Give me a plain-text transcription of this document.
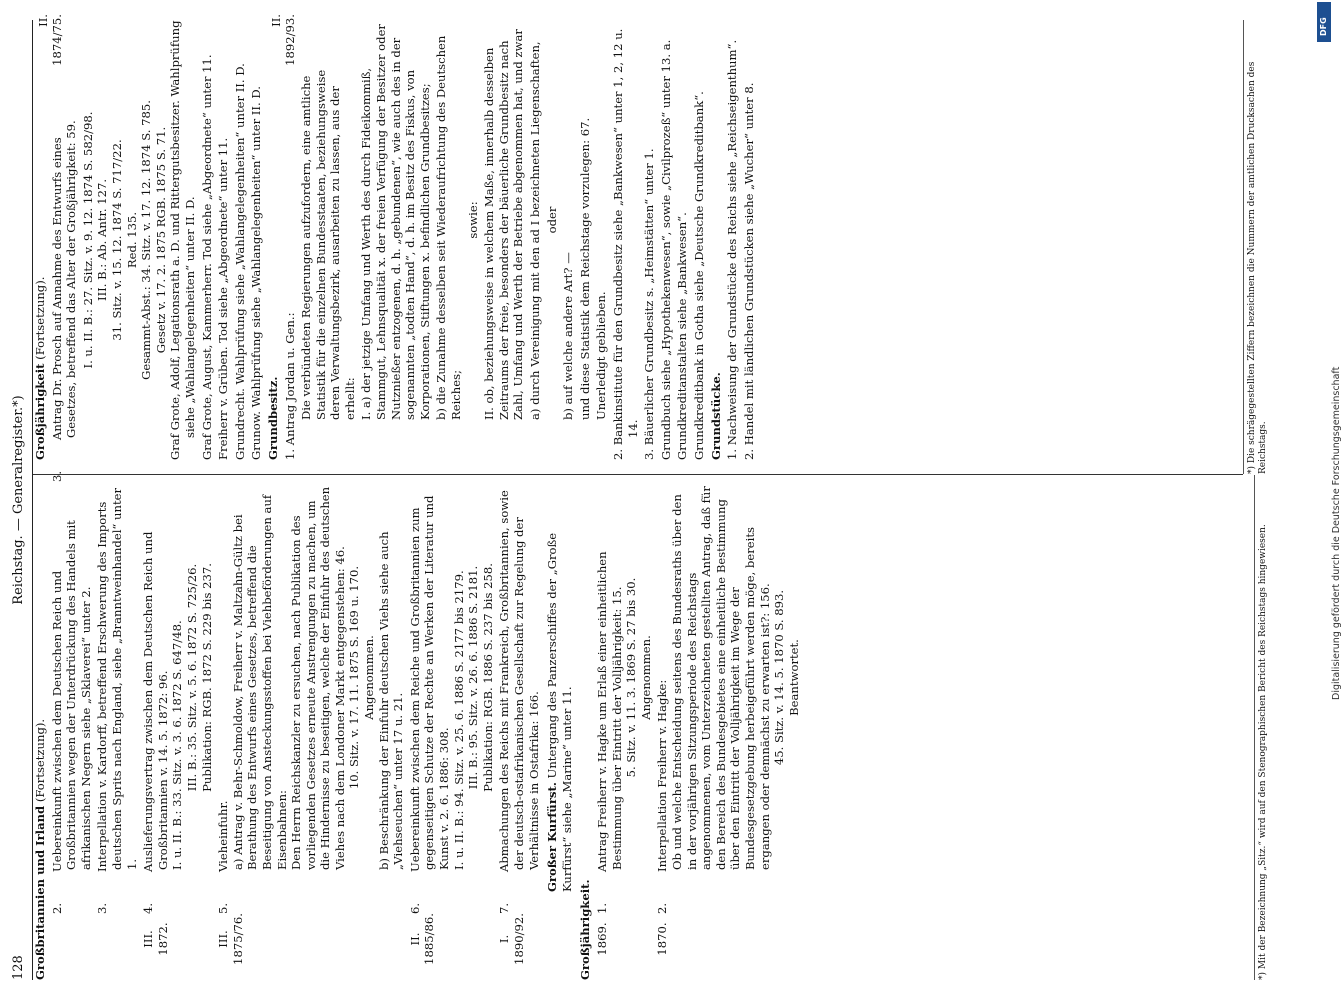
128
Reichstag. — Generalregister.*)
Großbritannien und Irland (Fortsetzung).
2.Uebereinkunft zwischen dem Deutschen Reich und Großbritannien wegen der Unterdrückung des Handels mit afrikanischen Negern siehe „Sklaverei“ unter 2.
3.Interpellation v. Kardorff, betreffend Erschwerung des Imports deutschen Sprits nach England, siehe „Branntweinhandel“ unter 1.
III.
1872.
4.Auslieferungsvertrag zwischen dem Deutschen Reich und Großbritannien v. 14. 5. 1872: 96. I. u. II. B.: 33. Sitz. v. 3. 6. 1872 S. 647/48. III. B.: 35. Sitz. v. 5. 6. 1872 S. 725/26. Publikation: RGB. 1872 S. 229 bis 237.
III.
1875/76.
5.Vieheinfuhr. a) Antrag v. Behr-Schmoldow, Freiherr v. Maltzahn-Gültz bei Berathung des Entwurfs eines Gesetzes, betreffend die Beseitigung von Ansteckungsstoffen bei Viehbeförderungen auf Eisenbahnen: Den Herrn Reichskanzler zu ersuchen, nach Publikation des vorliegenden Gesetzes erneute Anstrengungen zu machen, um die Hindernisse zu beseitigen, welche der Einfuhr des deutschen Viehes nach dem Londoner Markt entgegenstehen: 46. 10. Sitz. v. 17. 11. 1875 S. 169 u. 170. Angenommen. b) Beschränkung der Einfuhr deutschen Viehs siehe auch „Viehseuchen“ unter 17 u. 21.
II.
1885/86.
6.Uebereinkunft zwischen dem Reiche und Großbritannien zum gegenseitigen Schutze der Rechte an Werken der Literatur und Kunst v. 2. 6. 1886: 308. I. u. II. B.: 94. Sitz. v. 25. 6. 1886 S. 2177 bis 2179. III. B.: 95. Sitz. v. 26. 6. 1886 S. 2181. Publikation: RGB. 1886 S. 237 bis 258.
I.
1890/92.
7.Abmachungen des Reichs mit Frankreich, Großbritannien, sowie der deutsch-ostafrikanischen Gesellschaft zur Regelung der Verhältnisse in Ostafrika: 166. Großer Kurfürst. Untergang des Panzerschiffes der „Große Kurfürst“ siehe „Marine“ unter 11.
Großjährigkeit. 1869.
1.Antrag Freiherr v. Hagke um Erlaß einer einheitlichen Bestimmung über Eintritt der Volljährigkeit: 15. 5. Sitz. v. 11. 3. 1869 S. 27 bis 30. Angenommen.
1870.
2.Interpellation Freiherr v. Hagke: Ob und welche Entscheidung seitens des Bundesraths über den in der vorjährigen Sitzungsperiode des Reichstags angenommenen, vom Unterzeichneten gestellten Antrag, daß für den Bereich des Bundesgebietes eine einheitliche Bestimmung über den Eintritt der Volljährigkeit im Wege der Bundesgesetzgebung herbeigeführt werden möge, bereits ergangen oder demnächst zu erwarten ist?: 156. 45. Sitz. v. 14. 5. 1870 S. 893. Beantwortet.	*) Mit der Bezeichnung „Sitz.“ wird auf den Stenographischen Bericht des Reichstags hingewiesen.
Großjährigkeit (Fortsetzung).
II.
1874/75.
3.Antrag Dr. Prosch auf Annahme des Entwurfs eines Gesetzes, betreffend das Alter der Großjährigkeit: 59. I. u. II. B.: 27. Sitz. v. 9. 12. 1874 S. 582/98. III. B.: Ab. Antr. 127. 31. Sitz. v. 15. 12. 1874 S. 717/22. Red. 135. Gesammt-Abst.: 34. Sitz. v. 17. 12. 1874 S. 785. Gesetz v. 17. 2. 1875 RGB. 1875 S. 71. Graf Grote, Adolf, Legationsrath a. D. und Rittergutsbesitzer. Wahlprüfung siehe „Wahlangelegenheiten“ unter II. D. Graf Grote, August, Kammerherr. Tod siehe „Abgeordnete“ unter 11. Freiherr v. Grüben. Tod siehe „Abgeordnete“ unter 11. Grundrecht. Wahlprüfung siehe „Wahlangelegenheiten“ unter II. D. Grunow. Wahlprüfung siehe „Wahlangelegenheiten“ unter II. D. Grundbesitz.
II.
1892/93.
1. Antrag Jordan u. Gen.: Die verbündeten Regierungen aufzufordern, eine amtliche Statistik für die einzelnen Bundesstaaten, beziehungsweise deren Verwaltungsbezirk, ausarbeiten zu lassen, aus der erhellt: I. a) der jetzige Umfang und Werth des durch Fideikommiß, Stammgut, Lehnsqualität x. der freien Verfügung der Besitzer oder Nutznießer entzogenen, d. h. „gebundenen“, wie auch des in der sogenannten „todten Hand“, d. h. im Besitz des Fiskus, von Korporationen, Stiftungen x. befindlichen Grundbesitzes; b) die Zunahme desselben seit Wiederaufrichtung des Deutschen Reiches;
sowie: II. ob, beziehungsweise in welchem Maße, innerhalb desselben Zeitraums der freie, besonders der bäuerliche Grundbesitz nach Zahl, Umfang und Werth der Betriebe abgenommen hat, und zwar a) durch Vereinigung mit den ad I bezeichneten Liegenschaften, oder
b) auf welche andere Art? — und diese Statistik dem Reichstage vorzulegen: 67. Unerledigt geblieben. 2. Bankinstitute für den Grundbesitz siehe „Bankwesen“ unter 1, 2, 12 u. 14. 3. Bäuerlicher Grundbesitz s. „Heimstätten“ unter 1. Grundbuch siehe „Hypothekenwesen“, sowie „Civilprozeß“ unter 13. a. Grundkreditanstalten siehe „Bankwesen“. Grundkreditbank in Gotha siehe „Deutsche Grundkreditbank“. Grundstücke. 1. Nachweisung der Grundstücke des Reichs siehe „Reichseigenthum“. 2. Handel mit ländlichen Grundstücken siehe „Wucher“ unter 8.	*) Die schrägegestellten Ziffern bezeichnen die Nummern der amtlichen Drucksachen des Reichstags.
DFG
Digitalisierung gefördert durch die Deutsche Forschungsgemeinschaft
